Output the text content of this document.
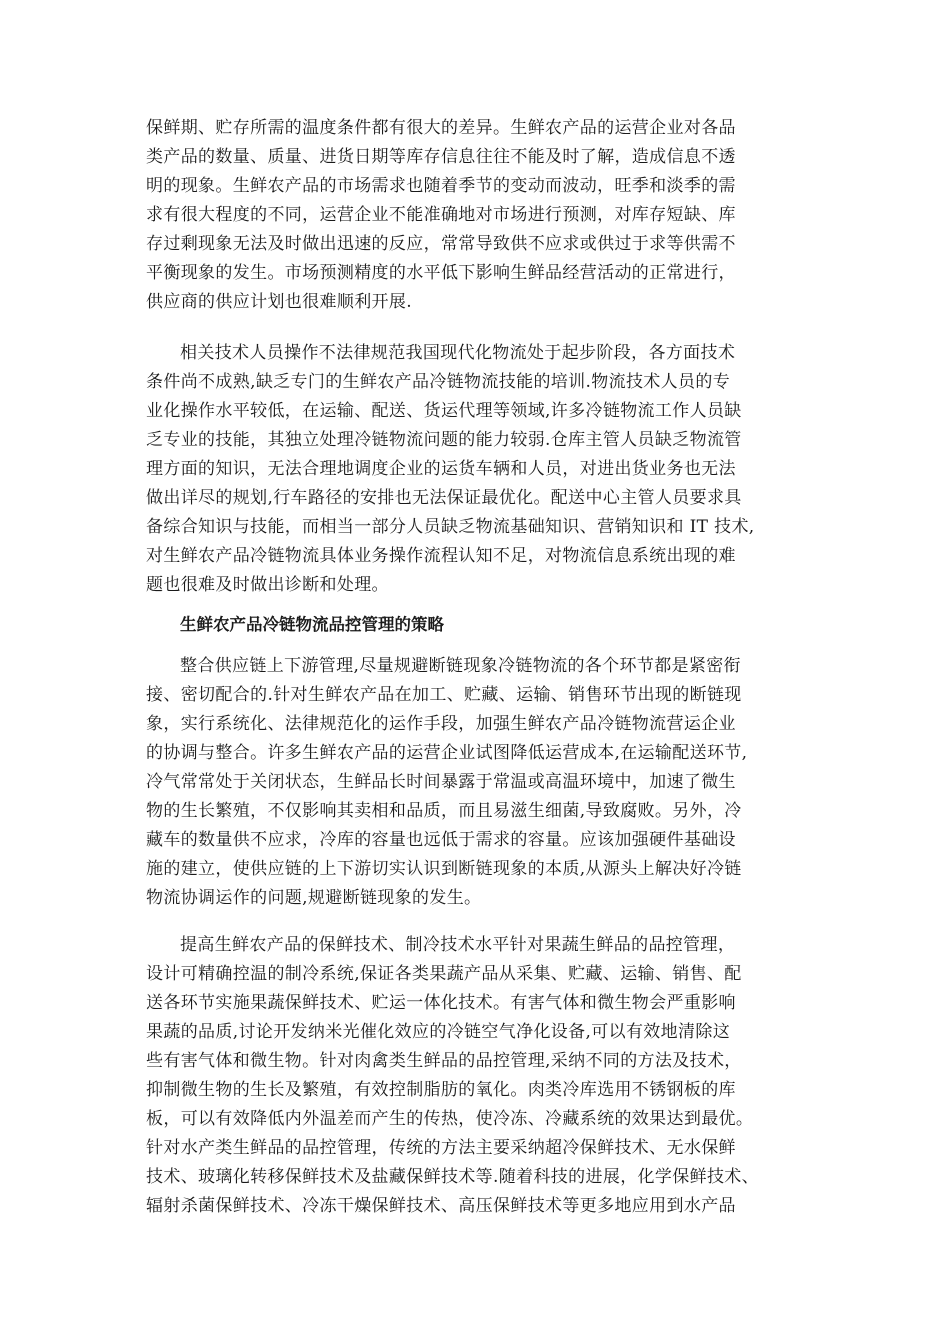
保鲜期、贮存所需的温度条件都有很大的差异。生鲜农产品的运营企业对各品
类产品的数量、质量、进货日期等库存信息往往不能及时了解，造成信息不透
明的现象。生鲜农产品的市场需求也随着季节的变动而波动，旺季和淡季的需
求有很大程度的不同，运营企业不能准确地对市场进行预测，对库存短缺、库
存过剩现象无法及时做出迅速的反应，常常导致供不应求或供过于求等供需不
平衡现象的发生。市场预测精度的水平低下影响生鲜品经营活动的正常进行，
供应商的供应计划也很难顺利开展.
相关技术人员操作不法律规范我国现代化物流处于起步阶段，各方面技术
条件尚不成熟,缺乏专门的生鲜农产品冷链物流技能的培训.物流技术人员的专
业化操作水平较低，在运输、配送、货运代理等领域,许多冷链物流工作人员缺
乏专业的技能，其独立处理冷链物流问题的能力较弱.仓库主管人员缺乏物流管
理方面的知识，无法合理地调度企业的运货车辆和人员，对进出货业务也无法
做出详尽的规划,行车路径的安排也无法保证最优化。配送中心主管人员要求具
备综合知识与技能，而相当一部分人员缺乏物流基础知识、营销知识和 IT 技术,
对生鲜农产品冷链物流具体业务操作流程认知不足，对物流信息系统出现的难
题也很难及时做出诊断和处理。
生鲜农产品冷链物流品控管理的策略
整合供应链上下游管理,尽量规避断链现象冷链物流的各个环节都是紧密衔
接、密切配合的.针对生鲜农产品在加工、贮藏、运输、销售环节出现的断链现
象，实行系统化、法律规范化的运作手段，加强生鲜农产品冷链物流营运企业
的协调与整合。许多生鲜农产品的运营企业试图降低运营成本,在运输配送环节,
冷气常常处于关闭状态，生鲜品长时间暴露于常温或高温环境中，加速了微生
物的生长繁殖，不仅影响其卖相和品质，而且易滋生细菌,导致腐败。另外，冷
藏车的数量供不应求，冷库的容量也远低于需求的容量。应该加强硬件基础设
施的建立，使供应链的上下游切实认识到断链现象的本质,从源头上解决好冷链
物流协调运作的问题,规避断链现象的发生。
提高生鲜农产品的保鲜技术、制冷技术水平针对果蔬生鲜品的品控管理，
设计可精确控温的制冷系统,保证各类果蔬产品从采集、贮藏、运输、销售、配
送各环节实施果蔬保鲜技术、贮运一体化技术。有害气体和微生物会严重影响
果蔬的品质,讨论开发纳米光催化效应的冷链空气净化设备,可以有效地清除这
些有害气体和微生物。针对肉禽类生鲜品的品控管理,采纳不同的方法及技术，
抑制微生物的生长及繁殖，有效控制脂肪的氧化。肉类冷库选用不锈钢板的库
板，可以有效降低内外温差而产生的传热，使冷冻、冷藏系统的效果达到最优。
针对水产类生鲜品的品控管理，传统的方法主要采纳超冷保鲜技术、无水保鲜
技术、玻璃化转移保鲜技术及盐藏保鲜技术等.随着科技的进展，化学保鲜技术、
辐射杀菌保鲜技术、冷冻干燥保鲜技术、高压保鲜技术等更多地应用到水产品
